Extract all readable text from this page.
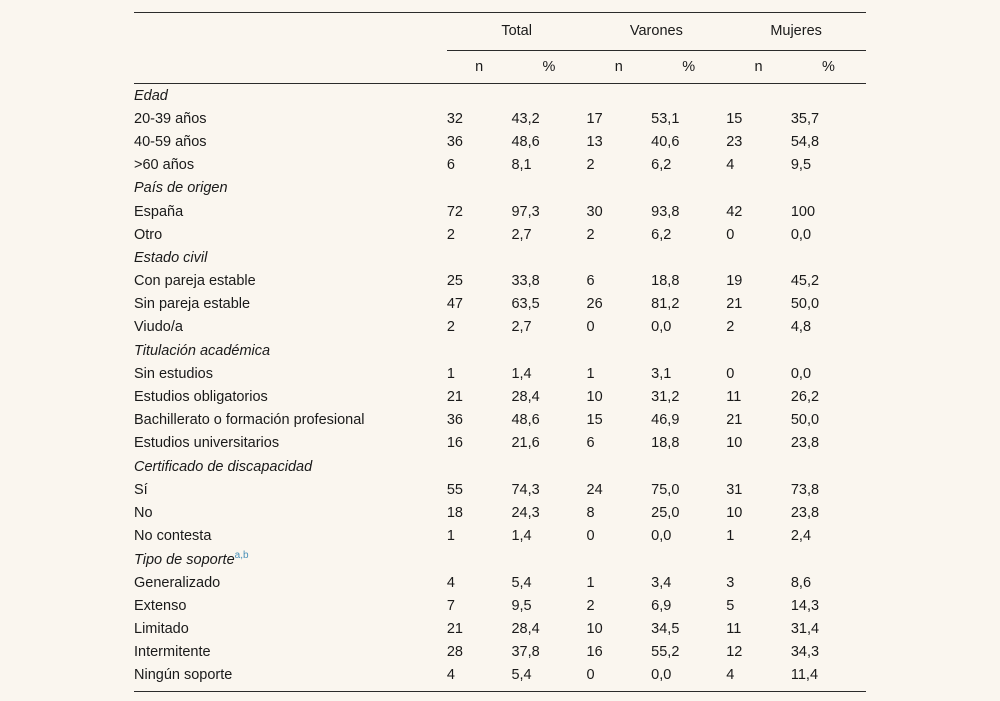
	Total		Varones		Mujeres	
	n	%	n	%	n	%
Edad						
20-39 años	32	43,2	17	53,1	15	35,7
40-59 años	36	48,6	13	40,6	23	54,8
>60 años	6	8,1	2	6,2	4	9,5
País de origen						
España	72	97,3	30	93,8	42	100
Otro	2	2,7	2	6,2	0	0,0
Estado civil						
Con pareja estable	25	33,8	6	18,8	19	45,2
Sin pareja estable	47	63,5	26	81,2	21	50,0
Viudo/a	2	2,7	0	0,0	2	4,8
Titulación académica						
Sin estudios	1	1,4	1	3,1	0	0,0
Estudios obligatorios	21	28,4	10	31,2	11	26,2
Bachillerato o formación profesional	36	48,6	15	46,9	21	50,0
Estudios universitarios	16	21,6	6	18,8	10	23,8
Certificado de discapacidad						
Sí	55	74,3	24	75,0	31	73,8
No	18	24,3	8	25,0	10	23,8
No contesta	1	1,4	0	0,0	1	2,4
Tipo de soporte$^{a,b}$						
Generalizado	4	5,4	1	3,4	3	8,6
Extenso	7	9,5	2	6,9	5	14,3
Limitado	21	28,4	10	34,5	11	31,4
Intermitente	28	37,8	16	55,2	12	34,3
Ningún soporte	4	5,4	0	0,0	4	11,4
